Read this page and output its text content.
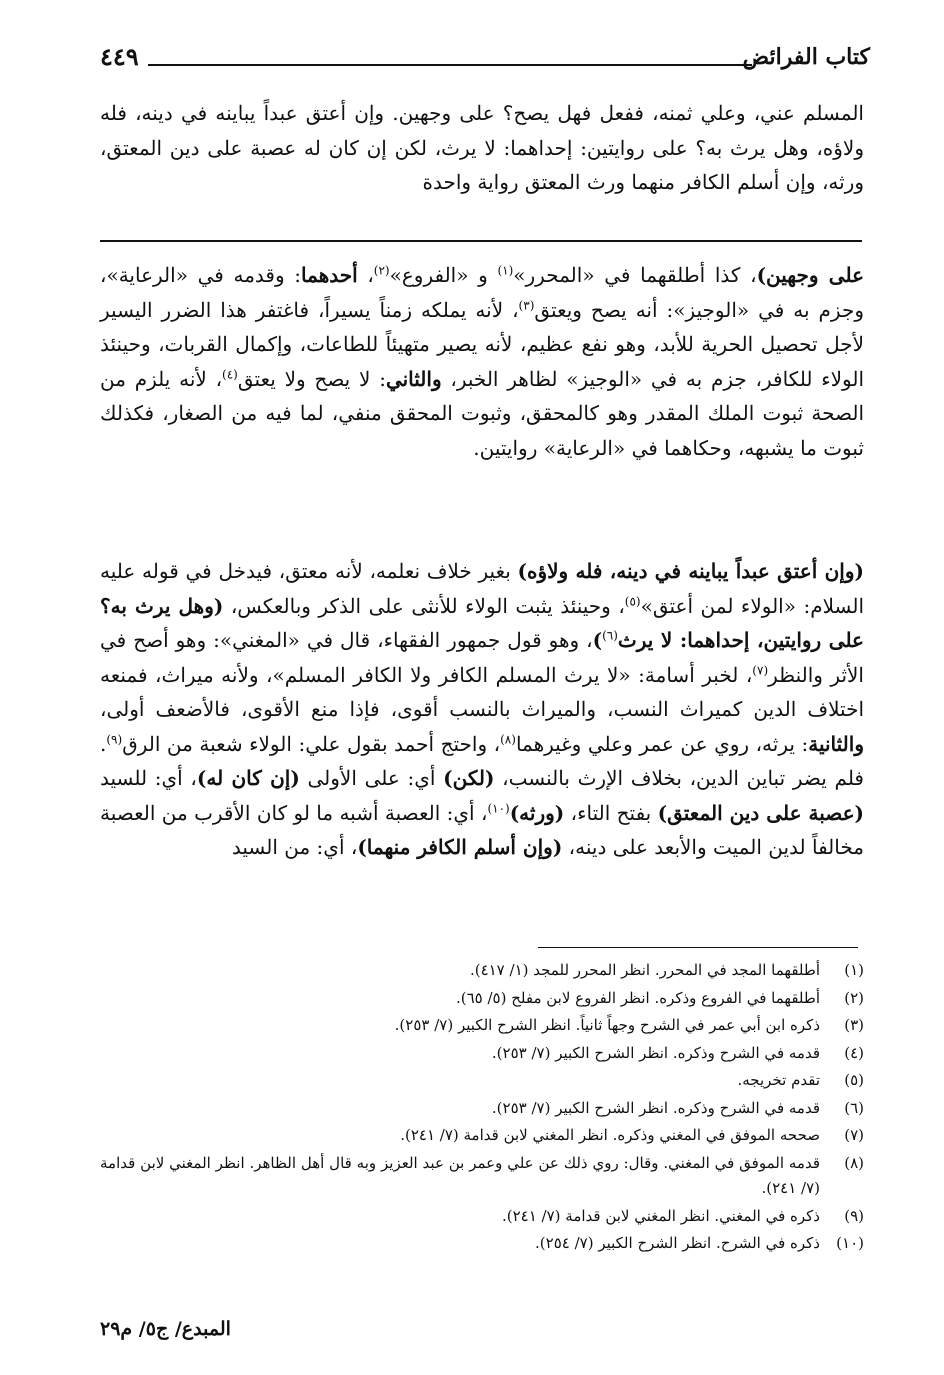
كتاب الفرائض
٤٤٩

المسلم عني، وعلي ثمنه، ففعل فهل يصح؟ على وجهين. وإن أعتق عبداً يباينه في دينه، فله ولاؤه، وهل يرث به؟ على روايتين: إحداهما: لا يرث، لكن إن كان له عصبة على دين المعتق، ورثه، وإن أسلم الكافر منهما ورث المعتق رواية واحدة

على وجهين)، كذا أطلقهما في «المحرر»$^{(١)}$ و «الفروع»$^{(٢)}$، أحدهما: وقدمه في «الرعاية»، وجزم به في «الوجيز»: أنه يصح ويعتق$^{(٣)}$، لأنه يملكه زمناً يسيراً، فاغتفر هذا الضرر اليسير لأجل تحصيل الحرية للأبد، وهو نفع عظيم، لأنه يصير متهيئاً للطاعات، وإكمال القربات، وحينئذ الولاء للكافر، جزم به في «الوجيز» لظاهر الخبر، والثاني: لا يصح ولا يعتق$^{(٤)}$، لأنه يلزم من الصحة ثبوت الملك المقدر وهو كالمحقق، وثبوت المحقق منفي، لما فيه من الصغار، فكذلك ثبوت ما يشبهه، وحكاهما في «الرعاية» روايتين.

(وإن أعتق عبداً يباينه في دينه، فله ولاؤه) بغير خلاف نعلمه، لأنه معتق، فيدخل في قوله عليه السلام: «الولاء لمن أعتق»$^{(٥)}$، وحينئذ يثبت الولاء للأنثى على الذكر وبالعكس، (وهل يرث به؟ على روايتين، إحداهما: لا يرث$^{(٦)}$)، وهو قول جمهور الفقهاء، قال في «المغني»: وهو أصح في الأثر والنظر$^{(٧)}$، لخبر أسامة: «لا يرث المسلم الكافر ولا الكافر المسلم»، ولأنه ميراث، فمنعه اختلاف الدين كميراث النسب، والميراث بالنسب أقوى، فإذا منع الأقوى، فالأضعف أولى، والثانية: يرثه، روي عن عمر وعلي وغيرهما$^{(٨)}$، واحتج أحمد بقول علي: الولاء شعبة من الرق$^{(٩)}$. فلم يضر تباين الدين، بخلاف الإرث بالنسب، (لكن) أي: على الأولى (إن كان له)، أي: للسيد (عصبة على دين المعتق) بفتح التاء، (ورثه)$^{(١٠)}$، أي: العصبة أشبه ما لو كان الأقرب من العصبة مخالفاً لدين الميت والأبعد على دينه، (وإن أسلم الكافر منهما)، أي: من السيد

(١)
أطلقهما المجد في المحرر. انظر المحرر للمجد (١/ ٤١٧).
(٢)
أطلقهما في الفروع وذكره. انظر الفروع لابن مفلح (٥/ ٦٥).
(٣)
ذكره ابن أبي عمر في الشرح وجهاً ثانياً. انظر الشرح الكبير (٧/ ٢٥٣).
(٤)
قدمه في الشرح وذكره. انظر الشرح الكبير (٧/ ٢٥٣).
(٥)
تقدم تخريجه.
(٦)
قدمه في الشرح وذكره. انظر الشرح الكبير (٧/ ٢٥٣).
(٧)
صححه الموفق في المغني وذكره. انظر المغني لابن قدامة (٧/ ٢٤١).
(٨)
قدمه الموفق في المغني. وقال: روي ذلك عن علي وعمر بن عبد العزيز وبه قال أهل الظاهر. انظر المغني لابن قدامة (٧/ ٢٤١).
(٩)
ذكره في المغني. انظر المغني لابن قدامة (٧/ ٢٤١).
(١٠)
ذكره في الشرح. انظر الشرح الكبير (٧/ ٢٥٤).
المبدع/ ج٥/ م٢٩
